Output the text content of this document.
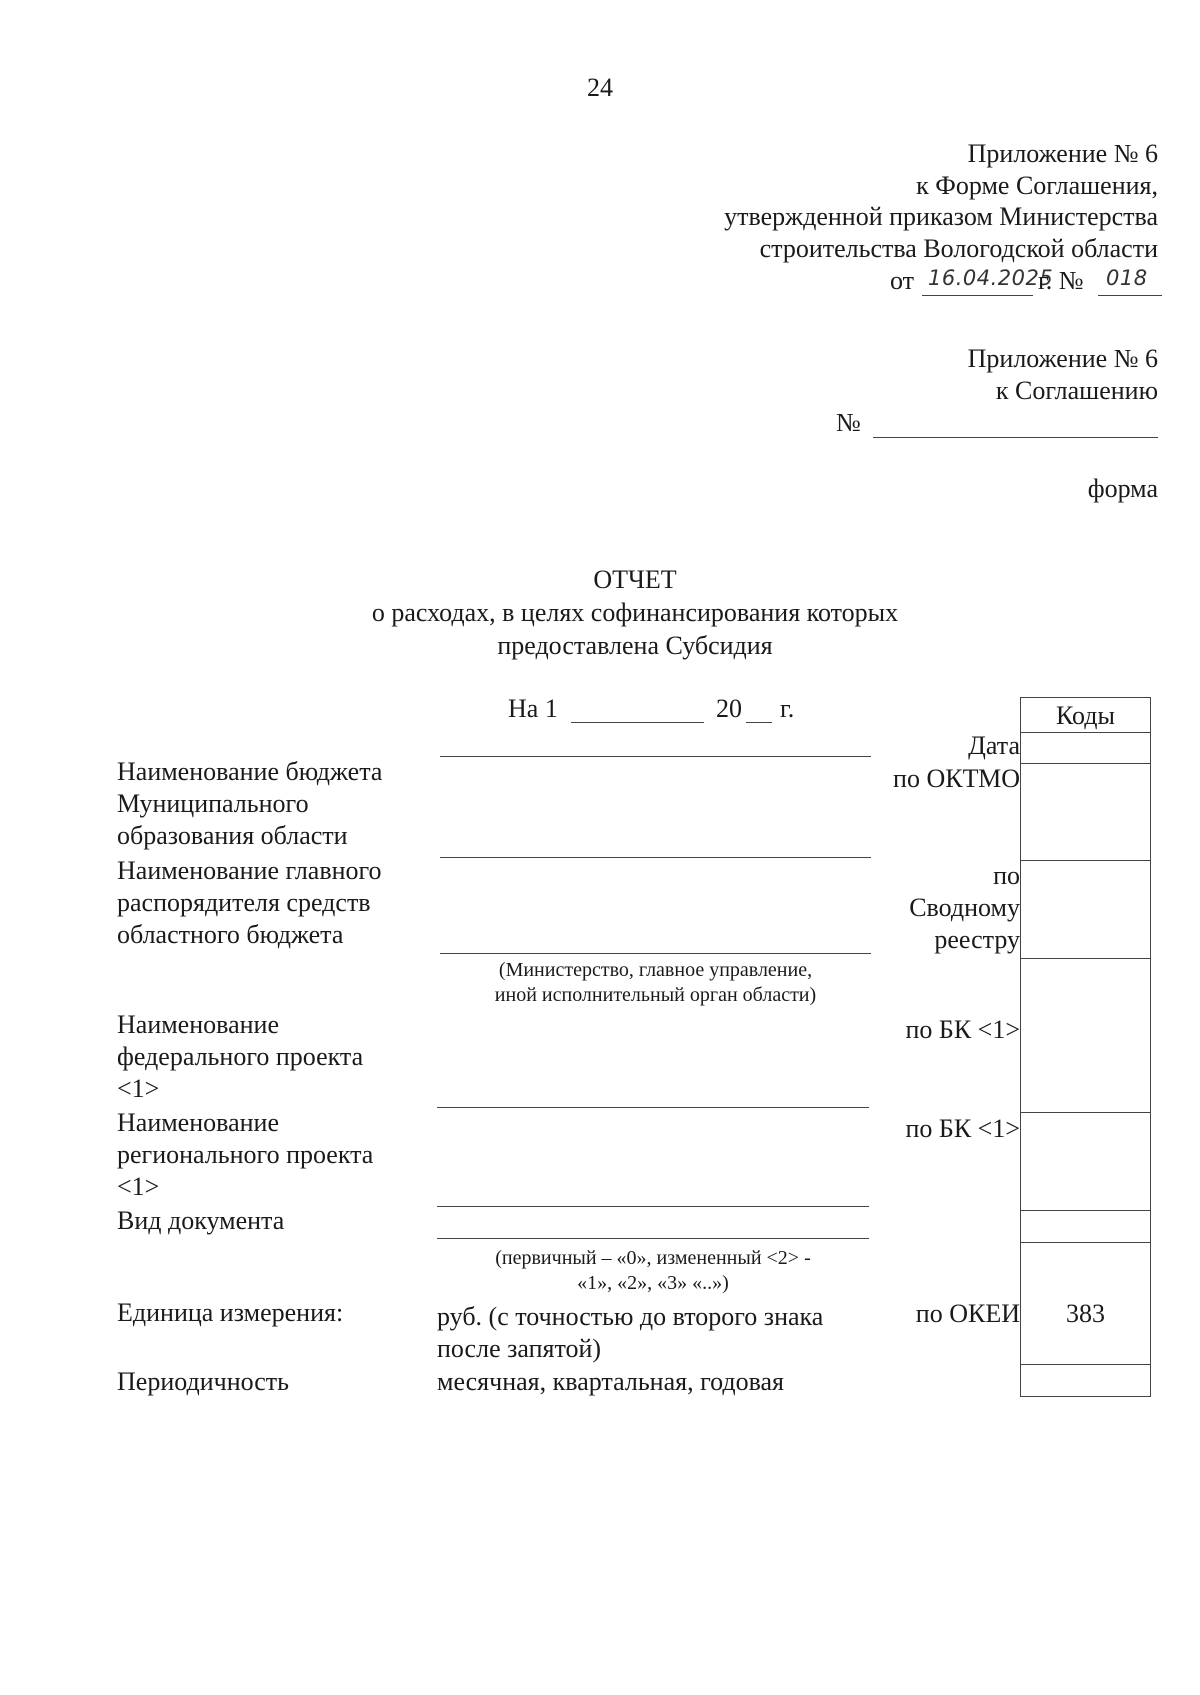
24
Приложение № 6
к Форме Соглашения,
утвержденной приказом Министерства
строительства Вологодской области
от 16.04.2025
г. № 018
Приложение № 6
к Соглашению
№
форма
ОТЧЕТ
о расходах, в целях софинансирования которых
предоставлена Субсидия
На 1	20 г.
Наименование бюджета
Муниципального
образования области
Наименование главного
распорядителя средств
областного бюджета
Наименование
федерального проекта
<1>
Наименование
регионального проекта
<1>
Вид документа
Единица измерения:
Периодичность
(Министерство, главное управление,
иной исполнительный орган области)
(первичный – «0», измененный <2> -
«1», «2», «3» «..»)
руб. (с точностью до второго знака
после запятой)
месячная, квартальная, годовая
Дата
по ОКТМО
по
Сводному
реестру
по БК <1>
по БК <1>
по ОКЕИ
Коды
383
